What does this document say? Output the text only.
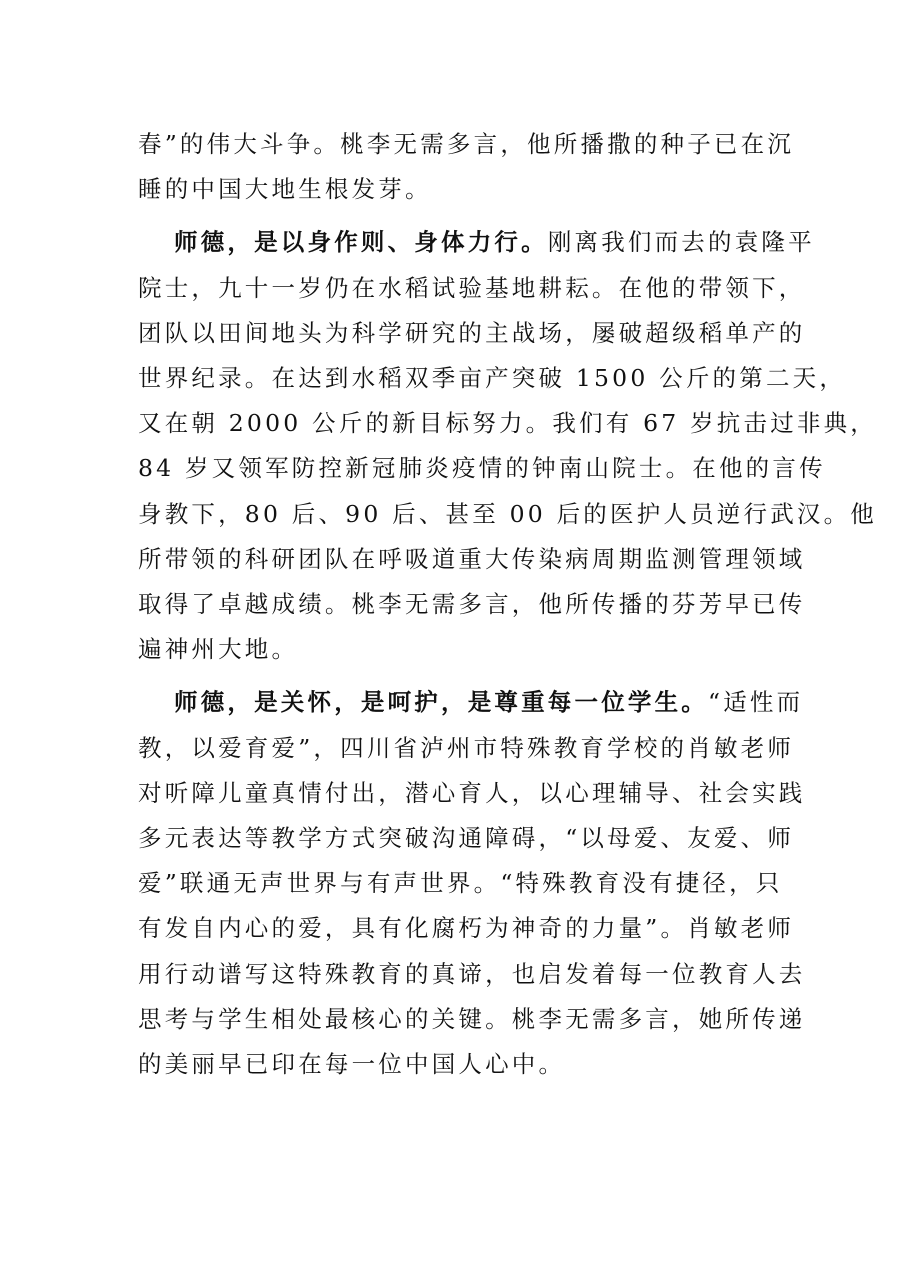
春”的伟大斗争。桃李无需多言，他所播撒的种子已在沉
睡的中国大地生根发芽。

师德，是以身作则、身体力行。刚离我们而去的袁隆平
院士，九十一岁仍在水稻试验基地耕耘。在他的带领下，
团队以田间地头为科学研究的主战场，屡破超级稻单产的
世界纪录。在达到水稻双季亩产突破 1500 公斤的第二天，
又在朝 2000 公斤的新目标努力。我们有 67 岁抗击过非典，
84 岁又领军防控新冠肺炎疫情的钟南山院士。在他的言传
身教下，80 后、90 后、甚至 00 后的医护人员逆行武汉。他
所带领的科研团队在呼吸道重大传染病周期监测管理领域
取得了卓越成绩。桃李无需多言，他所传播的芬芳早已传
遍神州大地。

师德，是关怀，是呵护，是尊重每一位学生。“适性而
教，以爱育爱”，四川省泸州市特殊教育学校的肖敏老师
对听障儿童真情付出，潜心育人，以心理辅导、社会实践
多元表达等教学方式突破沟通障碍，“以母爱、友爱、师
爱”联通无声世界与有声世界。“特殊教育没有捷径，只
有发自内心的爱，具有化腐朽为神奇的力量”。肖敏老师
用行动谱写这特殊教育的真谛，也启发着每一位教育人去
思考与学生相处最核心的关键。桃李无需多言，她所传递
的美丽早已印在每一位中国人心中。
